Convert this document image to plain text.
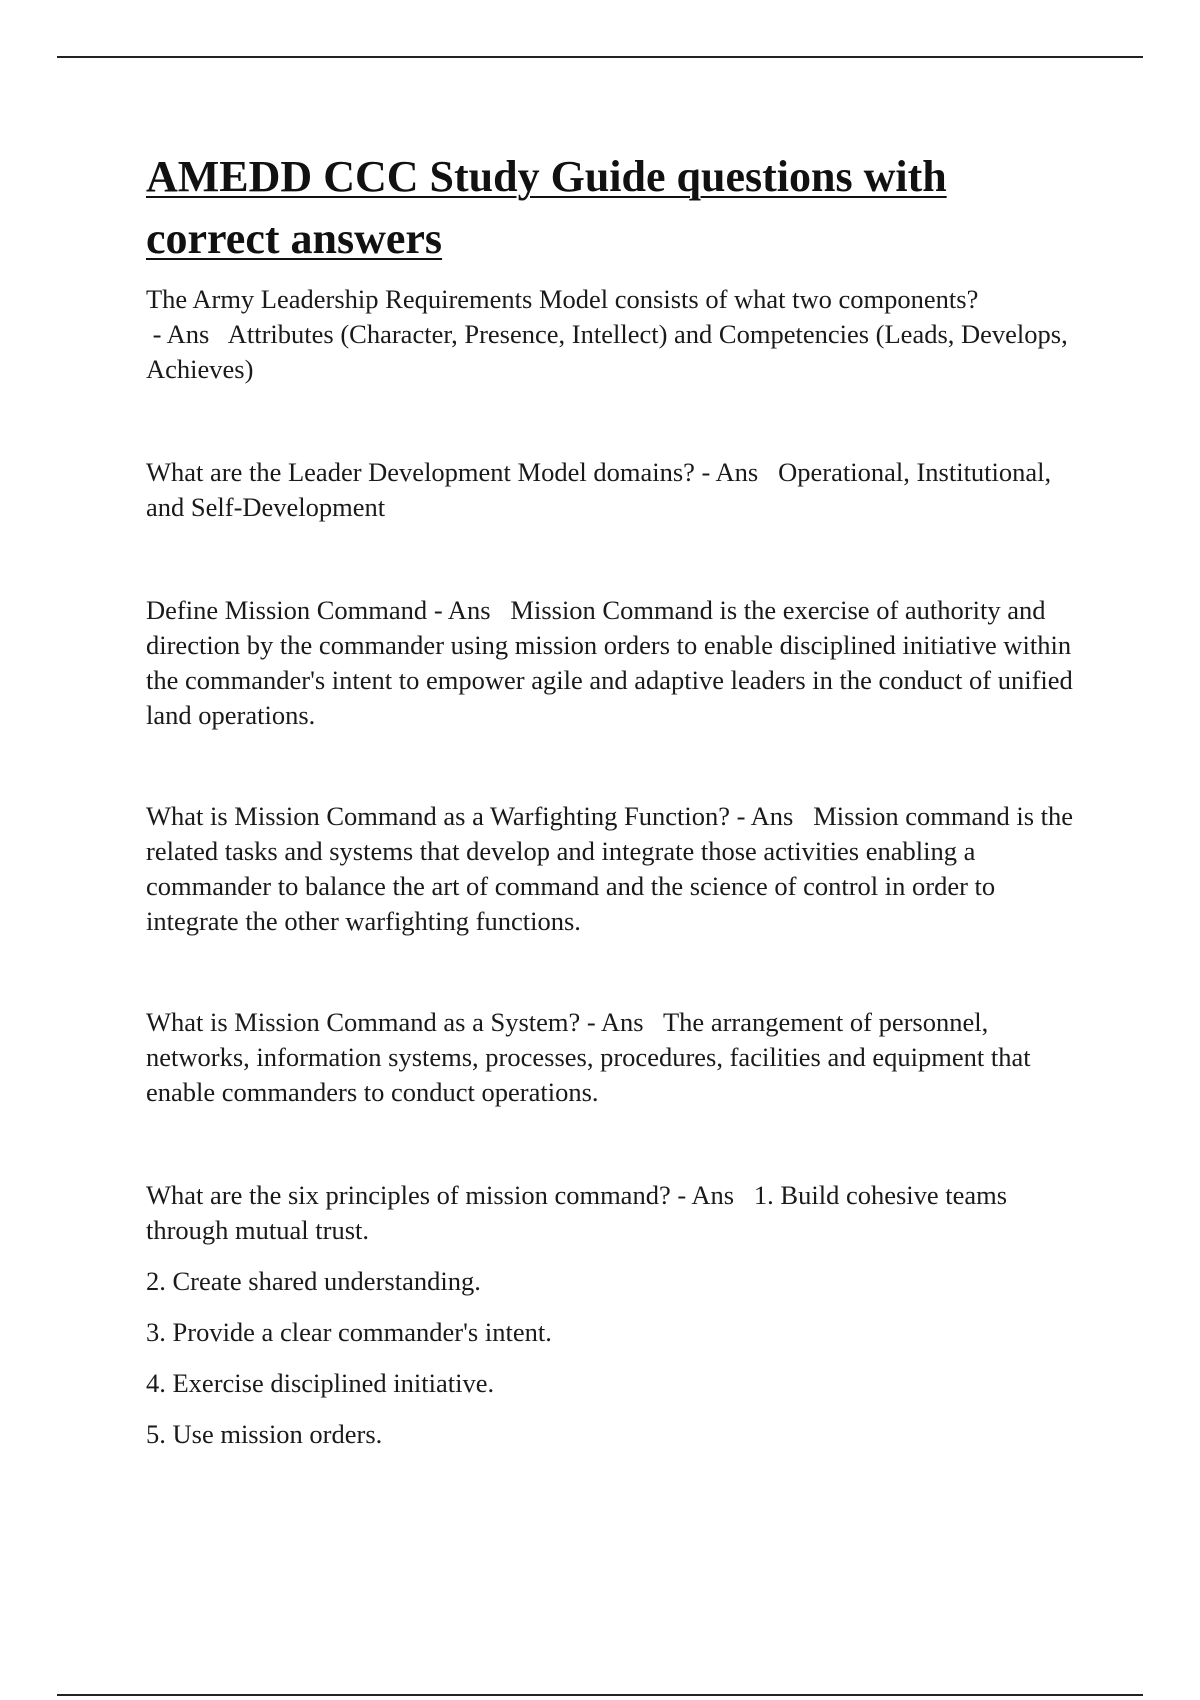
AMEDD CCC Study Guide questions with correct answers

The Army Leadership Requirements Model consists of what two components? - Ans   Attributes (Character, Presence, Intellect) and Competencies (Leads, Develops, Achieves)

What are the Leader Development Model domains? - Ans   Operational, Institutional, and Self-Development

Define Mission Command - Ans   Mission Command is the exercise of authority and direction by the commander using mission orders to enable disciplined initiative within the commander's intent to empower agile and adaptive leaders in the conduct of unified land operations.

What is Mission Command as a Warfighting Function? - Ans   Mission command is the related tasks and systems that develop and integrate those activities enabling a commander to balance the art of command and the science of control in order to integrate the other warfighting functions.

What is Mission Command as a System? - Ans   The arrangement of personnel, networks, information systems, processes, procedures, facilities and equipment that enable commanders to conduct operations.

What are the six principles of mission command? - Ans   1. Build cohesive teams through mutual trust.

2. Create shared understanding.

3. Provide a clear commander's intent.

4. Exercise disciplined initiative.

5. Use mission orders.
